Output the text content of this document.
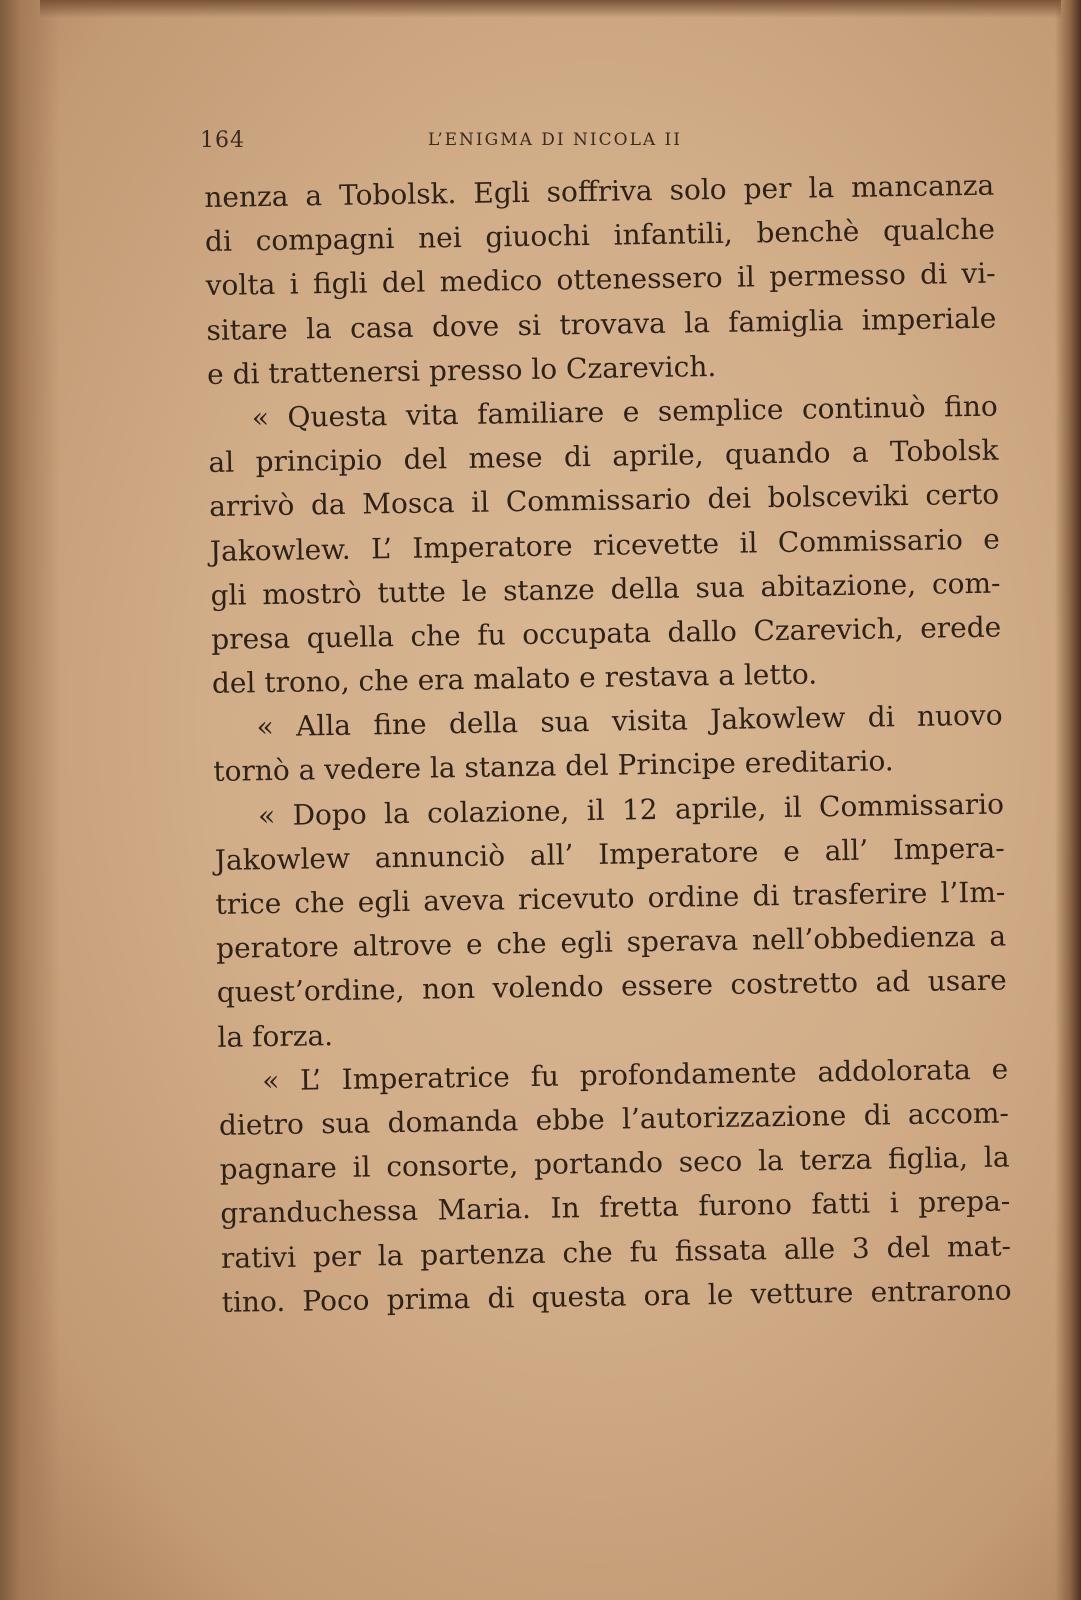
164	L’ENIGMA DI NICOLA II
nenza a Tobolsk. Egli soffriva solo per la mancanza
di compagni nei giuochi infantili, benchè qualche
volta i figli del medico ottenessero il permesso di vi-
sitare la casa dove si trovava la famiglia imperiale
e di trattenersi presso lo Czarevich.
« Questa vita familiare e semplice continuò fino
al principio del mese di aprile, quando a Tobolsk
arrivò da Mosca il Commissario dei bolsceviki certo
Jakowlew. L’ Imperatore ricevette il Commissario e
gli mostrò tutte le stanze della sua abitazione, com-
presa quella che fu occupata dallo Czarevich, erede
del trono, che era malato e restava a letto.
« Alla fine della sua visita Jakowlew di nuovo
tornò a vedere la stanza del Principe ereditario.
« Dopo la colazione, il 12 aprile, il Commissario
Jakowlew annunciò all’ Imperatore e all’ Impera-
trice che egli aveva ricevuto ordine di trasferire l’Im-
peratore altrove e che egli sperava nell’obbedienza a
quest’ordine, non volendo essere costretto ad usare
la forza.
« L’ Imperatrice fu profondamente addolorata e
dietro sua domanda ebbe l’autorizzazione di accom-
pagnare il consorte, portando seco la terza figlia, la
granduchessa Maria. In fretta furono fatti i prepa-
rativi per la partenza che fu fissata alle 3 del mat-
tino. Poco prima di questa ora le vetture entrarono
